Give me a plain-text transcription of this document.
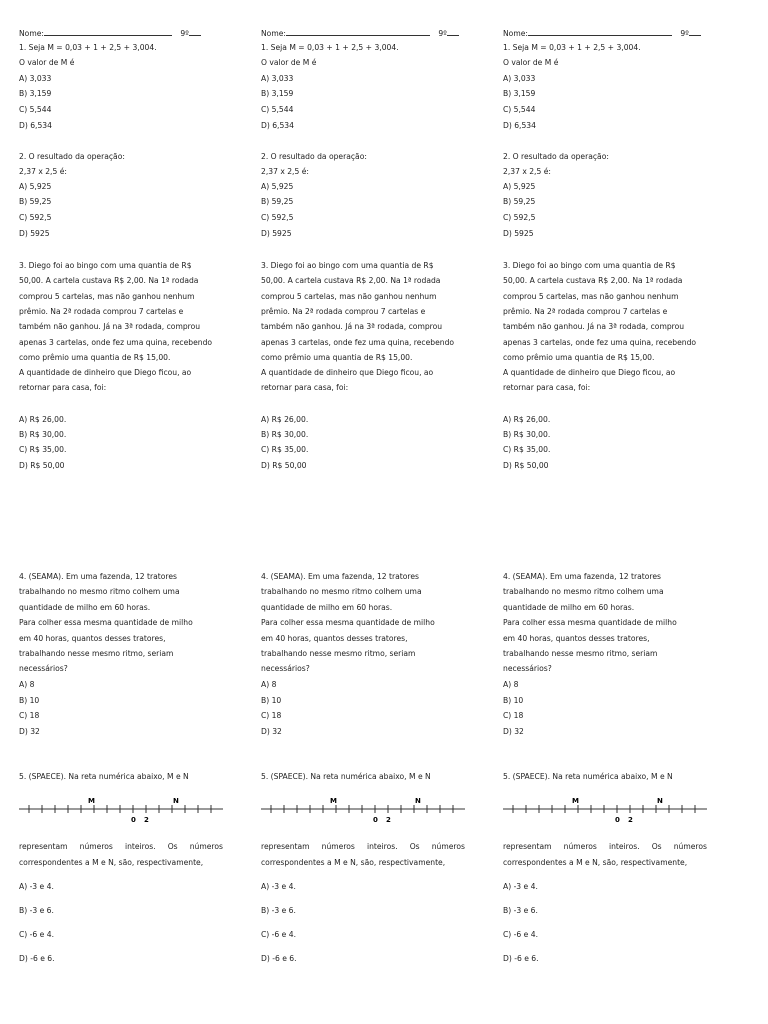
Nome:	9º
1. Seja M = 0,03 + 1 + 2,5 + 3,004.
O valor de M é
A) 3,033
B) 3,159
C) 5,544
D) 6,534
2. O resultado da operação:
2,37 x 2,5 é:
A) 5,925
B) 59,25
C) 592,5
D) 5925
3. Diego foi ao bingo com uma quantia de R$
50,00. A cartela custava R$ 2,00. Na 1ª rodada
comprou 5 cartelas, mas não ganhou nenhum
prêmio. Na 2ª rodada comprou 7 cartelas e
também não ganhou. Já na 3ª rodada, comprou
apenas 3 cartelas, onde fez uma quina, recebendo
como prêmio uma quantia de R$ 15,00.
A quantidade de dinheiro que Diego ficou, ao
retornar para casa, foi:
A) R$ 26,00.
B) R$ 30,00.
C) R$ 35,00.
D) R$ 50,00
4. (SEAMA). Em uma fazenda, 12 tratores
trabalhando no mesmo ritmo colhem uma
quantidade de milho em 60 horas.
Para colher essa mesma quantidade de milho
em 40 horas, quantos desses tratores,
trabalhando nesse mesmo ritmo, seriam
necessários?
A) 8
B) 10
C) 18
D) 32
5. (SPAECE). Na reta numérica abaixo, M e N
M	N
0 2
representam números inteiros. Os números
correspondentes a M e N, são, respectivamente,
A) -3 e 4.
B) -3 e 6.
C) -6 e 4.
D) -6 e 6.
Nome:	9º
1. Seja M = 0,03 + 1 + 2,5 + 3,004.
O valor de M é
A) 3,033
B) 3,159
C) 5,544
D) 6,534
2. O resultado da operação:
2,37 x 2,5 é:
A) 5,925
B) 59,25
C) 592,5
D) 5925
3. Diego foi ao bingo com uma quantia de R$
50,00. A cartela custava R$ 2,00. Na 1ª rodada
comprou 5 cartelas, mas não ganhou nenhum
prêmio. Na 2ª rodada comprou 7 cartelas e
também não ganhou. Já na 3ª rodada, comprou
apenas 3 cartelas, onde fez uma quina, recebendo
como prêmio uma quantia de R$ 15,00.
A quantidade de dinheiro que Diego ficou, ao
retornar para casa, foi:
A) R$ 26,00.
B) R$ 30,00.
C) R$ 35,00.
D) R$ 50,00
4. (SEAMA). Em uma fazenda, 12 tratores
trabalhando no mesmo ritmo colhem uma
quantidade de milho em 60 horas.
Para colher essa mesma quantidade de milho
em 40 horas, quantos desses tratores,
trabalhando nesse mesmo ritmo, seriam
necessários?
A) 8
B) 10
C) 18
D) 32
5. (SPAECE). Na reta numérica abaixo, M e N
M	N
0 2
representam números inteiros. Os números
correspondentes a M e N, são, respectivamente,
A) -3 e 4.
B) -3 e 6.
C) -6 e 4.
D) -6 e 6.
Nome:	9º
1. Seja M = 0,03 + 1 + 2,5 + 3,004.
O valor de M é
A) 3,033
B) 3,159
C) 5,544
D) 6,534
2. O resultado da operação:
2,37 x 2,5 é:
A) 5,925
B) 59,25
C) 592,5
D) 5925
3. Diego foi ao bingo com uma quantia de R$
50,00. A cartela custava R$ 2,00. Na 1ª rodada
comprou 5 cartelas, mas não ganhou nenhum
prêmio. Na 2ª rodada comprou 7 cartelas e
também não ganhou. Já na 3ª rodada, comprou
apenas 3 cartelas, onde fez uma quina, recebendo
como prêmio uma quantia de R$ 15,00.
A quantidade de dinheiro que Diego ficou, ao
retornar para casa, foi:
A) R$ 26,00.
B) R$ 30,00.
C) R$ 35,00.
D) R$ 50,00
4. (SEAMA). Em uma fazenda, 12 tratores
trabalhando no mesmo ritmo colhem uma
quantidade de milho em 60 horas.
Para colher essa mesma quantidade de milho
em 40 horas, quantos desses tratores,
trabalhando nesse mesmo ritmo, seriam
necessários?
A) 8
B) 10
C) 18
D) 32
5. (SPAECE). Na reta numérica abaixo, M e N
M	N
0 2
representam números inteiros. Os números
correspondentes a M e N, são, respectivamente,
A) -3 e 4.
B) -3 e 6.
C) -6 e 4.
D) -6 e 6.
